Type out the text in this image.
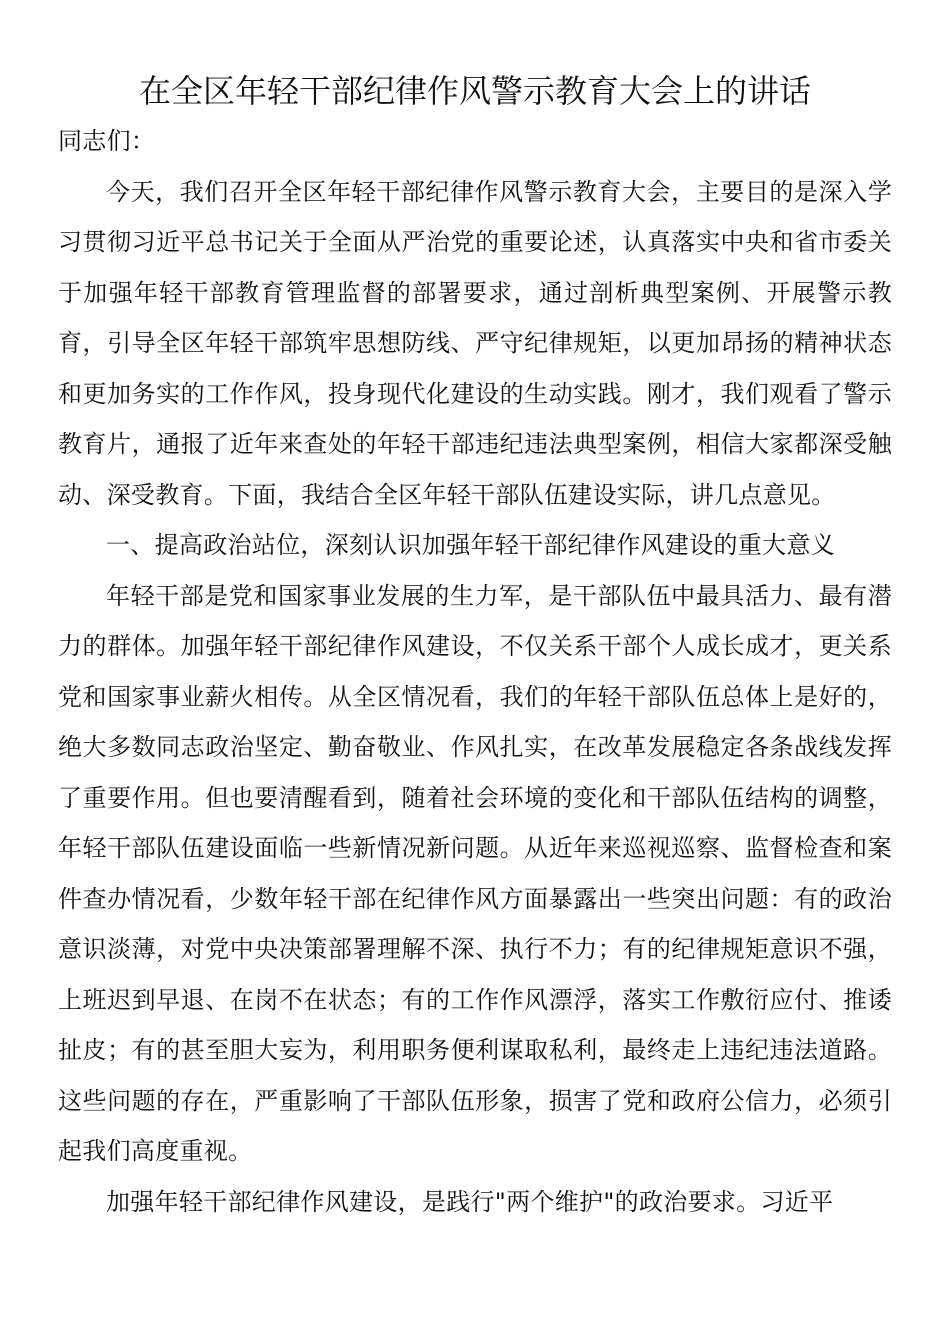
在全区年轻干部纪律作风警示教育大会上的讲话

同志们：

今天，我们召开全区年轻干部纪律作风警示教育大会，主要目的是深入学习贯彻习近平总书记关于全面从严治党的重要论述，认真落实中央和省市委关于加强年轻干部教育管理监督的部署要求，通过剖析典型案例、开展警示教育，引导全区年轻干部筑牢思想防线、严守纪律规矩，以更加昂扬的精神状态和更加务实的工作作风，投身现代化建设的生动实践。刚才，我们观看了警示教育片，通报了近年来查处的年轻干部违纪违法典型案例，相信大家都深受触动、深受教育。下面，我结合全区年轻干部队伍建设实际，讲几点意见。

一、提高政治站位，深刻认识加强年轻干部纪律作风建设的重大意义

年轻干部是党和国家事业发展的生力军，是干部队伍中最具活力、最有潜力的群体。加强年轻干部纪律作风建设，不仅关系干部个人成长成才，更关系党和国家事业薪火相传。从全区情况看，我们的年轻干部队伍总体上是好的，绝大多数同志政治坚定、勤奋敬业、作风扎实，在改革发展稳定各条战线发挥了重要作用。但也要清醒看到，随着社会环境的变化和干部队伍结构的调整，年轻干部队伍建设面临一些新情况新问题。从近年来巡视巡察、监督检查和案件查办情况看，少数年轻干部在纪律作风方面暴露出一些突出问题：有的政治意识淡薄，对党中央决策部署理解不深、执行不力；有的纪律规矩意识不强，上班迟到早退、在岗不在状态；有的工作作风漂浮，落实工作敷衍应付、推诿扯皮；有的甚至胆大妄为，利用职务便利谋取私利，最终走上违纪违法道路。这些问题的存在，严重影响了干部队伍形象，损害了党和政府公信力，必须引起我们高度重视。

加强年轻干部纪律作风建设，是践行"两个维护"的政治要求。习近平
